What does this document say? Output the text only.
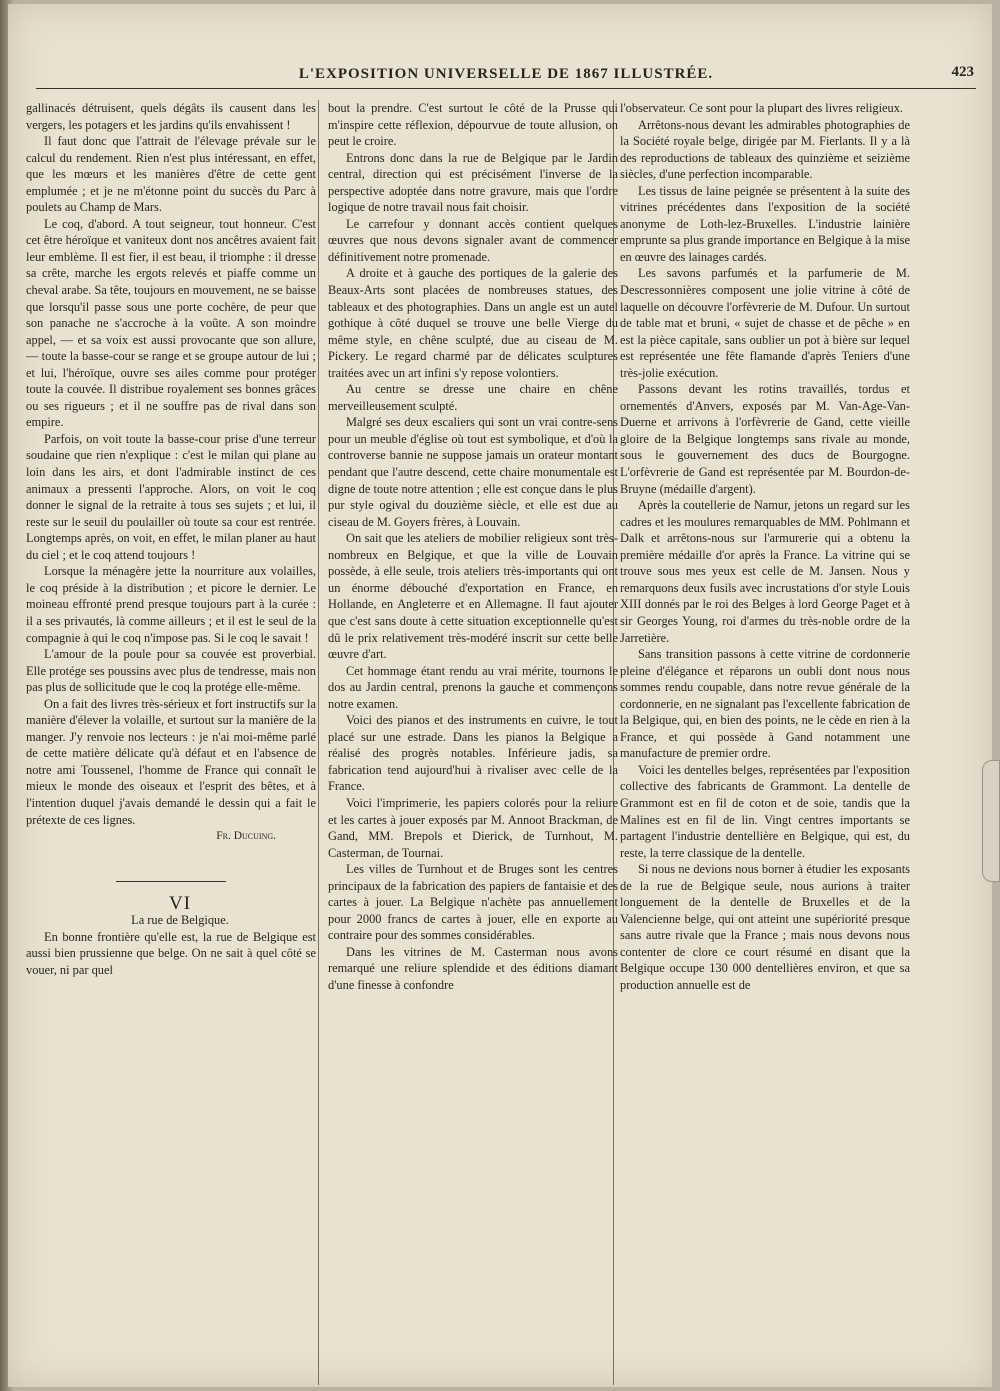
L'EXPOSITION UNIVERSELLE DE 1867 ILLUSTRÉE.	423

gallinacés détruisent, quels dégâts ils causent dans les vergers, les potagers et les jardins qu'ils envahissent !

Il faut donc que l'attrait de l'élevage prévale sur le calcul du rendement. Rien n'est plus intéressant, en effet, que les mœurs et les manières d'être de cette gent emplumée ; et je ne m'étonne point du succès du Parc à poulets au Champ de Mars.

Le coq, d'abord. A tout seigneur, tout honneur. C'est cet être héroïque et vaniteux dont nos ancêtres avaient fait leur emblème. Il est fier, il est beau, il triomphe : il dresse sa crête, marche les ergots relevés et piaffe comme un cheval arabe. Sa tête, toujours en mouvement, ne se baisse que lorsqu'il passe sous une porte cochère, de peur que son panache ne s'accroche à la voûte. A son moindre appel, — et sa voix est aussi provocante que son allure, — toute la basse-cour se range et se groupe autour de lui ; et lui, l'héroïque, ouvre ses ailes comme pour protéger toute la couvée. Il distribue royalement ses bonnes grâces ou ses rigueurs ; et il ne souffre pas de rival dans son empire.

Parfois, on voit toute la basse-cour prise d'une terreur soudaine que rien n'explique : c'est le milan qui plane au loin dans les airs, et dont l'admirable instinct de ces animaux a pressenti l'approche. Alors, on voit le coq donner le signal de la retraite à tous ses sujets ; et lui, il reste sur le seuil du poulailler où toute sa cour est rentrée. Longtemps après, on voit, en effet, le milan planer au haut du ciel ; et le coq attend toujours !

Lorsque la ménagère jette la nourriture aux volailles, le coq préside à la distribution ; et picore le dernier. Le moineau effronté prend presque toujours part à la curée : il a ses privautés, là comme ailleurs ; et il est le seul de la compagnie à qui le coq n'impose pas. Si le coq le savait !

L'amour de la poule pour sa couvée est proverbial. Elle protége ses poussins avec plus de tendresse, mais non pas plus de sollicitude que le coq la protége elle-même.

On a fait des livres très-sérieux et fort instructifs sur la manière d'élever la volaille, et surtout sur la manière de la manger. J'y renvoie nos lecteurs : je n'ai moi-même parlé de cette matière délicate qu'à défaut et en l'absence de notre ami Toussenel, l'homme de France qui connaît le mieux le monde des oiseaux et l'esprit des bêtes, et à l'intention duquel j'avais demandé le dessin qui a fait le prétexte de ces lignes.

Fr. Ducuing.

VI

La rue de Belgique.

En bonne frontière qu'elle est, la rue de Belgique est aussi bien prussienne que belge. On ne sait à quel côté se vouer, ni par quel

bout la prendre. C'est surtout le côté de la Prusse qui m'inspire cette réflexion, dépourvue de toute allusion, on peut le croire.

Entrons donc dans la rue de Belgique par le Jardin central, direction qui est précisément l'inverse de la perspective adoptée dans notre gravure, mais que l'ordre logique de notre travail nous fait choisir.

Le carrefour y donnant accès contient quelques œuvres que nous devons signaler avant de commencer définitivement notre promenade.

A droite et à gauche des portiques de la galerie des Beaux-Arts sont placées de nombreuses statues, des tableaux et des photographies. Dans un angle est un autel gothique à côté duquel se trouve une belle Vierge du même style, en chêne sculpté, due au ciseau de M. Pickery. Le regard charmé par de délicates sculptures traitées avec un art infini s'y repose volontiers.

Au centre se dresse une chaire en chêne merveilleusement sculpté.

Malgré ses deux escaliers qui sont un vrai contre-sens pour un meuble d'église où tout est symbolique, et d'où la controverse bannie ne suppose jamais un orateur montant pendant que l'autre descend, cette chaire monumentale est digne de toute notre attention ; elle est conçue dans le plus pur style ogival du douzième siècle, et elle est due au ciseau de M. Goyers frères, à Louvain.

On sait que les ateliers de mobilier religieux sont très-nombreux en Belgique, et que la ville de Louvain possède, à elle seule, trois ateliers très-importants qui ont un énorme débouché d'exportation en France, en Hollande, en Angleterre et en Allemagne. Il faut ajouter que c'est sans doute à cette situation exceptionnelle qu'est dû le prix relativement très-modéré inscrit sur cette belle œuvre d'art.

Cet hommage étant rendu au vrai mérite, tournons le dos au Jardin central, prenons la gauche et commençons notre examen.

Voici des pianos et des instruments en cuivre, le tout placé sur une estrade. Dans les pianos la Belgique a réalisé des progrès notables. Inférieure jadis, sa fabrication tend aujourd'hui à rivaliser avec celle de la France.

Voici l'imprimerie, les papiers colorés pour la reliure et les cartes à jouer exposés par M. Annoot Brackman, de Gand, MM. Brepols et Dierick, de Turnhout, M. Casterman, de Tournai.

Les villes de Turnhout et de Bruges sont les centres principaux de la fabrication des papiers de fantaisie et des cartes à jouer. La Belgique n'achète pas annuellement pour 2000 francs de cartes à jouer, elle en exporte au contraire pour des sommes considérables.

Dans les vitrines de M. Casterman nous avons remarqué une reliure splendide et des éditions diamant d'une finesse à confondre

l'observateur. Ce sont pour la plupart des livres religieux.

Arrêtons-nous devant les admirables photographies de la Société royale belge, dirigée par M. Fierlants. Il y a là des reproductions de tableaux des quinzième et seizième siècles, d'une perfection incomparable.

Les tissus de laine peignée se présentent à la suite des vitrines précédentes dans l'exposition de la société anonyme de Loth-lez-Bruxelles. L'industrie lainière emprunte sa plus grande importance en Belgique à la mise en œuvre des lainages cardés.

Les savons parfumés et la parfumerie de M. Descressonnières composent une jolie vitrine à côté de laquelle on découvre l'orfèvrerie de M. Dufour. Un surtout de table mat et bruni, « sujet de chasse et de pêche » en est la pièce capitale, sans oublier un pot à bière sur lequel est représentée une fête flamande d'après Teniers d'une très-jolie exécution.

Passons devant les rotins travaillés, tordus et ornementés d'Anvers, exposés par M. Van-Age-Van-Duerne et arrivons à l'orfèvrerie de Gand, cette vieille gloire de la Belgique longtemps sans rivale au monde, sous le gouvernement des ducs de Bourgogne. L'orfèvrerie de Gand est représentée par M. Bourdon-de-Bruyne (médaille d'argent).

Après la coutellerie de Namur, jetons un regard sur les cadres et les moulures remarquables de MM. Pohlmann et Dalk et arrêtons-nous sur l'armurerie qui a obtenu la première médaille d'or après la France. La vitrine qui se trouve sous mes yeux est celle de M. Jansen. Nous y remarquons deux fusils avec incrustations d'or style Louis XIII donnés par le roi des Belges à lord George Paget et à sir Georges Young, roi d'armes du très-noble ordre de la Jarretière.

Sans transition passons à cette vitrine de cordonnerie pleine d'élégance et réparons un oubli dont nous nous sommes rendu coupable, dans notre revue générale de la cordonnerie, en ne signalant pas l'excellente fabrication de la Belgique, qui, en bien des points, ne le cède en rien à la France, et qui possède à Gand notamment une manufacture de premier ordre.

Voici les dentelles belges, représentées par l'exposition collective des fabricants de Grammont. La dentelle de Grammont est en fil de coton et de soie, tandis que la Malines est en fil de lin. Vingt centres importants se partagent l'industrie dentellière en Belgique, qui est, du reste, la terre classique de la dentelle.

Si nous ne devions nous borner à étudier les exposants de la rue de Belgique seule, nous aurions à traiter longuement de la dentelle de Bruxelles et de la Valencienne belge, qui ont atteint une supériorité presque sans autre rivale que la France ; mais nous devons nous contenter de clore ce court résumé en disant que la Belgique occupe 130 000 dentellières environ, et que sa production annuelle est de
